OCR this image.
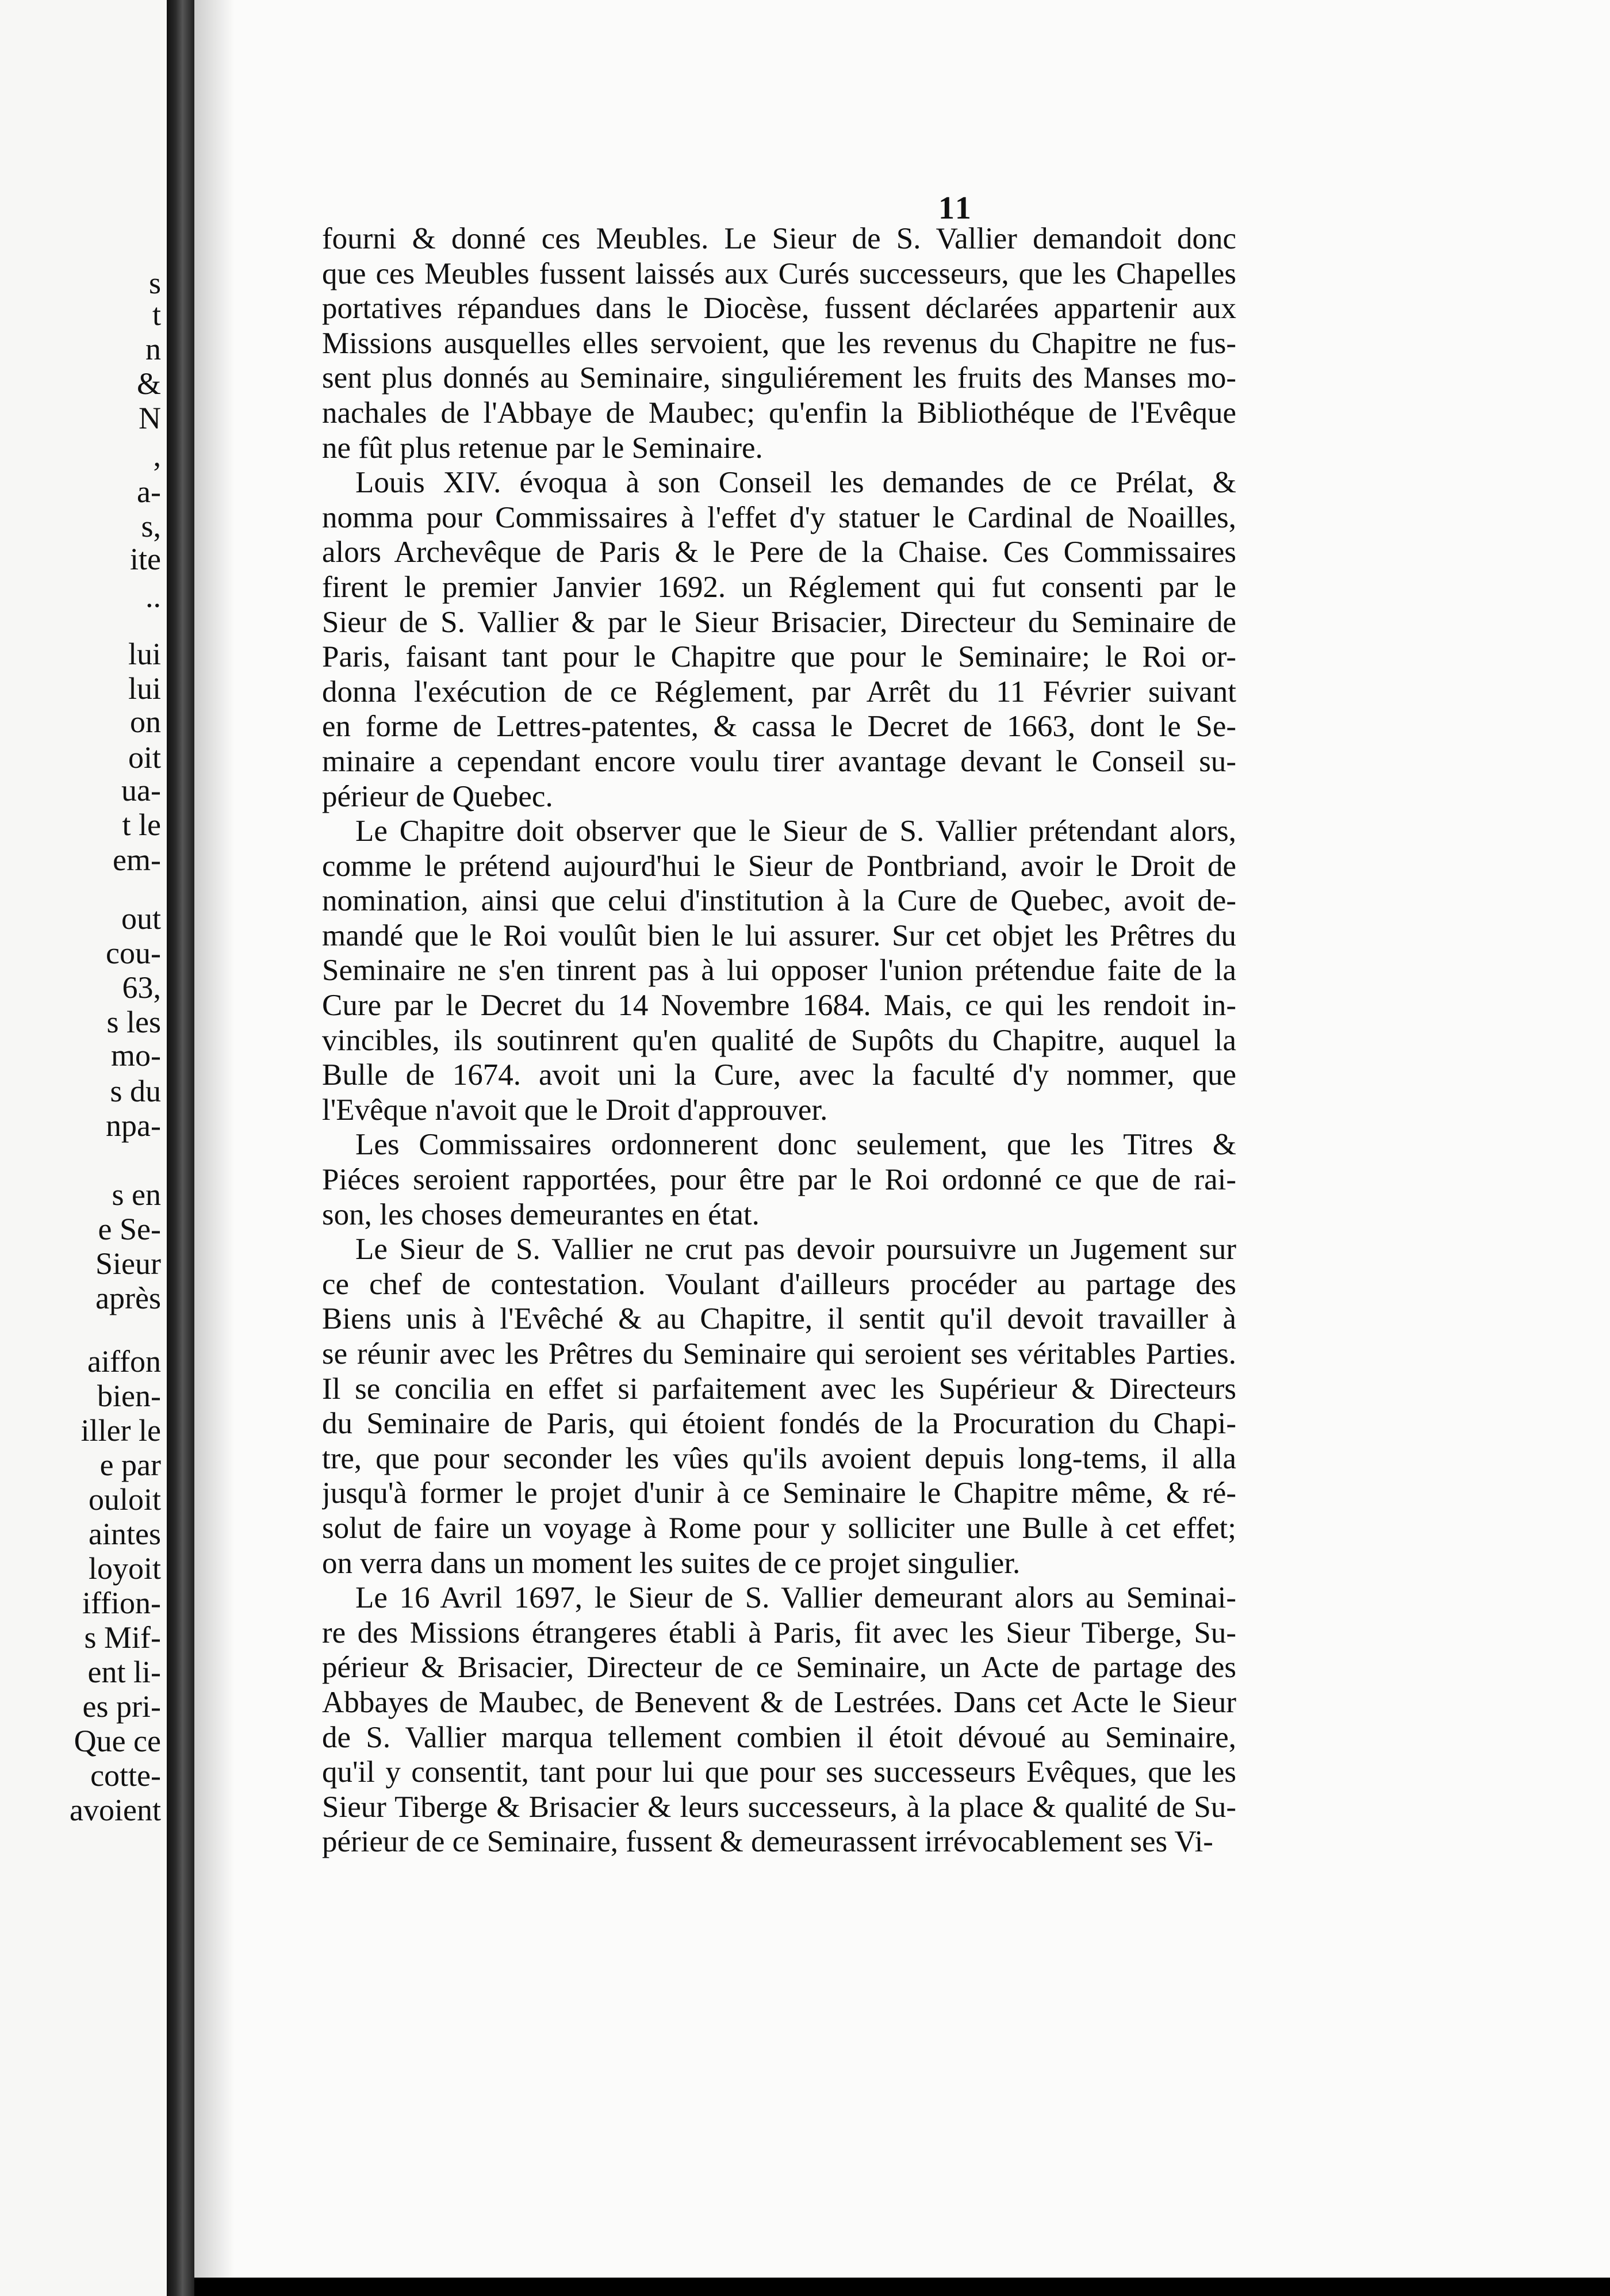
s
t
n
&
N
,
a-
s,
ite
..
lui
lui
on
oit
ua-
t le
em-
out
cou-
63,
s les
mo-
s du
npa-
s en
e Se-
Sieur
après
aiffon
bien-
iller le
e par
ouloit
aintes
loyoit
iffion-
s Mif-
ent li-
es pri-
Que ce
cotte-
avoient
11
fourni & donné ces Meubles. Le Sieur de S. Vallier demandoit donc
que ces Meubles fussent laissés aux Curés successeurs, que les Chapelles
portatives répandues dans le Diocèse, fussent déclarées appartenir aux
Missions ausquelles elles servoient, que les revenus du Chapitre ne fus-
sent plus donnés au Seminaire, singuliérement les fruits des Manses mo-
nachales de l'Abbaye de Maubec; qu'enfin la Bibliothéque de l'Evêque
ne fût plus retenue par le Seminaire.
Louis XIV. évoqua à son Conseil les demandes de ce Prélat, &
nomma pour Commissaires à l'effet d'y statuer le Cardinal de Noailles,
alors Archevêque de Paris & le Pere de la Chaise. Ces Commissaires
firent le premier Janvier 1692. un Réglement qui fut consenti par le
Sieur de S. Vallier & par le Sieur Brisacier, Directeur du Seminaire de
Paris, faisant tant pour le Chapitre que pour le Seminaire; le Roi or-
donna l'exécution de ce Réglement, par Arrêt du 11 Février suivant
en forme de Lettres-patentes, & cassa le Decret de 1663, dont le Se-
minaire a cependant encore voulu tirer avantage devant le Conseil su-
périeur de Quebec.
Le Chapitre doit observer que le Sieur de S. Vallier prétendant alors,
comme le prétend aujourd'hui le Sieur de Pontbriand, avoir le Droit de
nomination, ainsi que celui d'institution à la Cure de Quebec, avoit de-
mandé que le Roi voulût bien le lui assurer. Sur cet objet les Prêtres du
Seminaire ne s'en tinrent pas à lui opposer l'union prétendue faite de la
Cure par le Decret du 14 Novembre 1684. Mais, ce qui les rendoit in-
vincibles, ils soutinrent qu'en qualité de Supôts du Chapitre, auquel la
Bulle de 1674. avoit uni la Cure, avec la faculté d'y nommer, que
l'Evêque n'avoit que le Droit d'approuver.
Les Commissaires ordonnerent donc seulement, que les Titres &
Piéces seroient rapportées, pour être par le Roi ordonné ce que de rai-
son, les choses demeurantes en état.
Le Sieur de S. Vallier ne crut pas devoir poursuivre un Jugement sur
ce chef de contestation. Voulant d'ailleurs procéder au partage des
Biens unis à l'Evêché & au Chapitre, il sentit qu'il devoit travailler à
se réunir avec les Prêtres du Seminaire qui seroient ses véritables Parties.
Il se concilia en effet si parfaitement avec les Supérieur & Directeurs
du Seminaire de Paris, qui étoient fondés de la Procuration du Chapi-
tre, que pour seconder les vûes qu'ils avoient depuis long-tems, il alla
jusqu'à former le projet d'unir à ce Seminaire le Chapitre même, & ré-
solut de faire un voyage à Rome pour y solliciter une Bulle à cet effet;
on verra dans un moment les suites de ce projet singulier.
Le 16 Avril 1697, le Sieur de S. Vallier demeurant alors au Seminai-
re des Missions étrangeres établi à Paris, fit avec les Sieur Tiberge, Su-
périeur & Brisacier, Directeur de ce Seminaire, un Acte de partage des
Abbayes de Maubec, de Benevent & de Lestrées. Dans cet Acte le Sieur
de S. Vallier marqua tellement combien il étoit dévoué au Seminaire,
qu'il y consentit, tant pour lui que pour ses successeurs Evêques, que les
Sieur Tiberge & Brisacier & leurs successeurs, à la place & qualité de Su-
périeur de ce Seminaire, fussent & demeurassent irrévocablement ses Vi-
